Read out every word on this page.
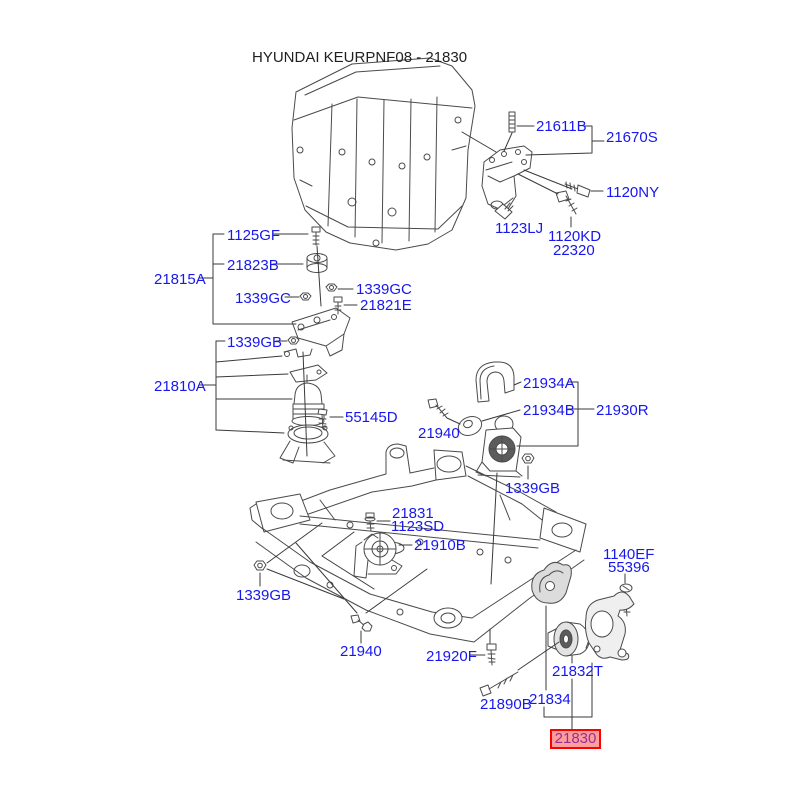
HYUNDAI KEURPNF08 - 21830
21611B
21670S
1120NY
1123LJ 1120KD
22320
1125GF
21823B
21815A
1339GC
1339GC
21821E
1339GB
21810A
55145D
21934A
21934B 21930R
21940
1339GB
21831
1123SD
21910B
1339GB
21940	21920F
1140EF
55396
21832T
21890B
21834
21830
